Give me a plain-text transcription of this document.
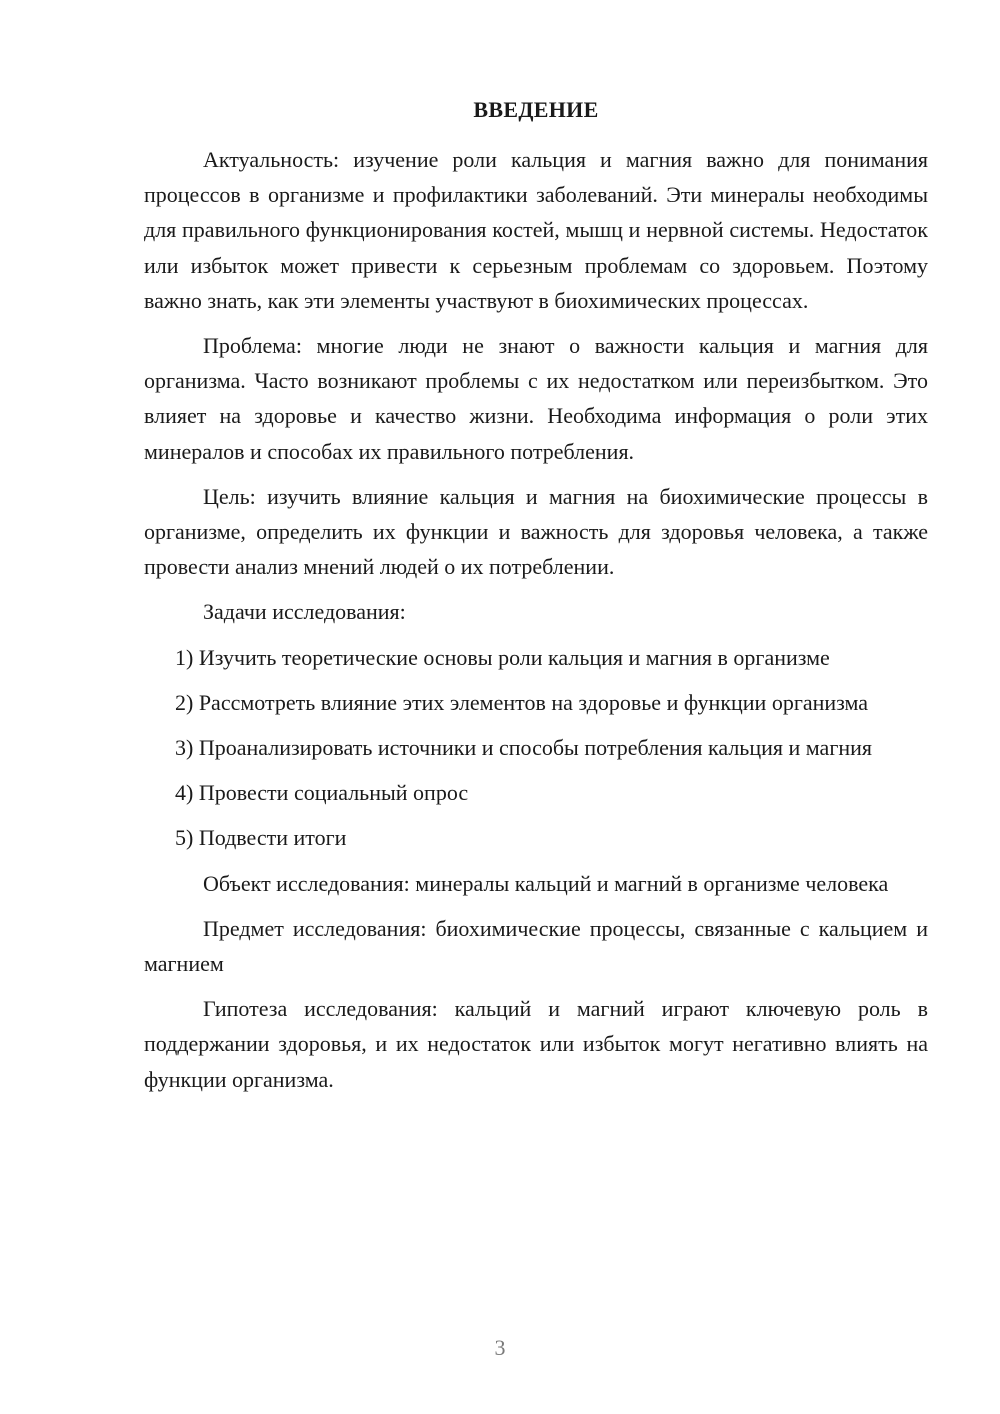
ВВЕДЕНИЕ

Актуальность: изучение роли кальция и магния важно для понимания процессов в организме и профилактики заболеваний. Эти минералы необходимы для правильного функционирования костей, мышц и нервной системы. Недостаток или избыток может привести к серьезным проблемам со здоровьем. Поэтому важно знать, как эти элементы участвуют в биохимических процессах.

Проблема: многие люди не знают о важности кальция и магния для организма. Часто возникают проблемы с их недостатком или переизбытком. Это влияет на здоровье и качество жизни. Необходима информация о роли этих минералов и способах их правильного потребления.

Цель: изучить влияние кальция и магния на биохимические процессы в организме, определить их функции и важность для здоровья человека, а также провести анализ мнений людей о их потреблении.

Задачи исследования:

1) Изучить теоретические основы роли кальция и магния в организме

2) Рассмотреть влияние этих элементов на здоровье и функции организма

3) Проанализировать источники и способы потребления кальция и магния

4) Провести социальный опрос

5) Подвести итоги

Объект исследования: минералы кальций и магний в организме человека

Предмет исследования: биохимические процессы, связанные с кальцием и магнием

Гипотеза исследования: кальций и магний играют ключевую роль в поддержании здоровья, и их недостаток или избыток могут негативно влиять на функции организма.

3
